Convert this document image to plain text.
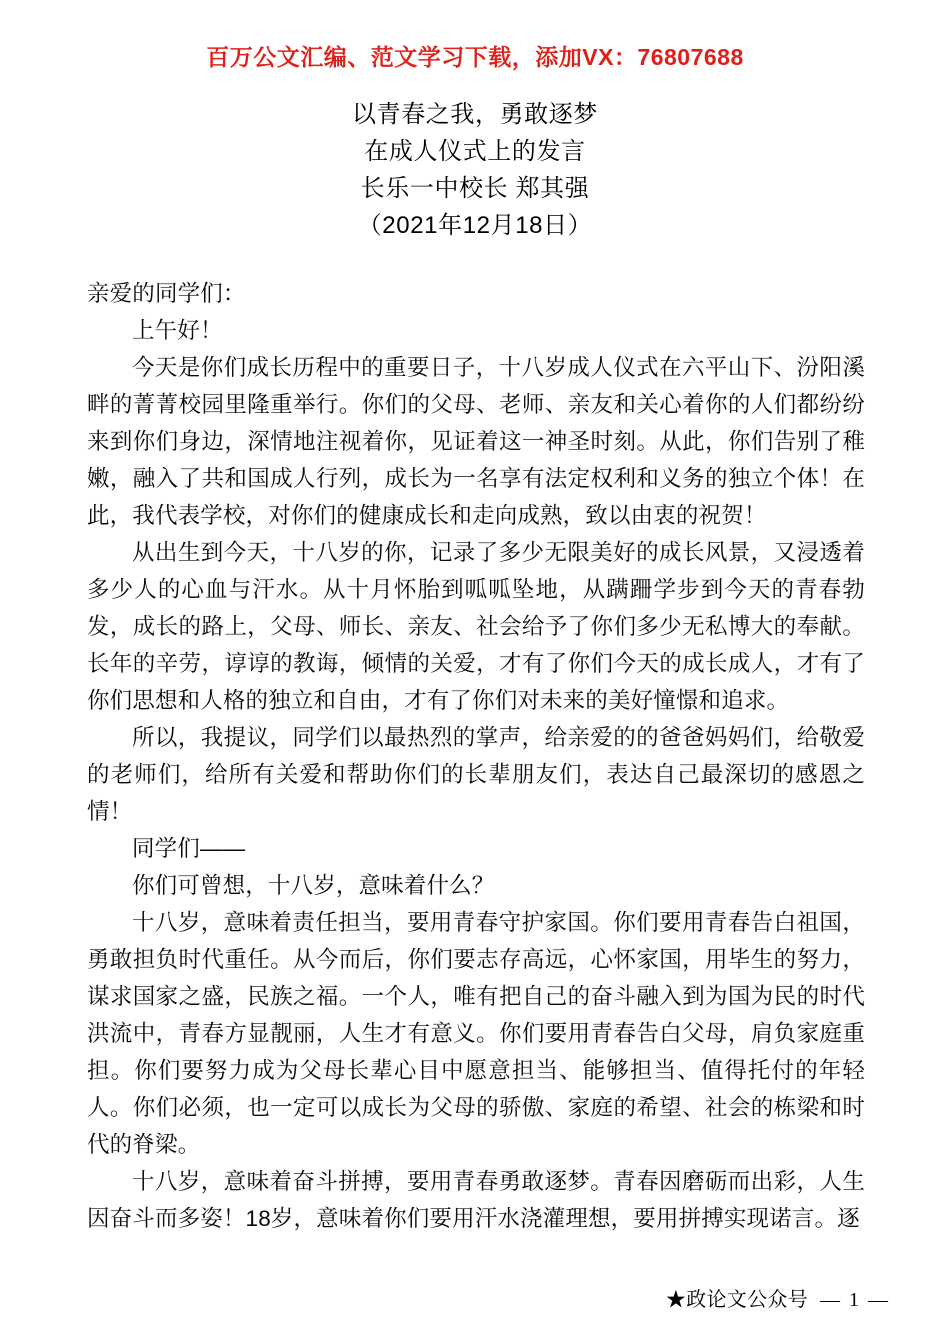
百万公文汇编、范文学习下载，添加VX：76807688
以青春之我，勇敢逐梦
在成人仪式上的发言
长乐一中校长 郑其强
（2021年12月18日）

亲爱的同学们：

上午好！

今天是你们成长历程中的重要日子，十八岁成人仪式在六平山下、汾阳溪畔的菁菁校园里隆重举行。你们的父母、老师、亲友和关心着你的人们都纷纷来到你们身边，深情地注视着你，见证着这一神圣时刻。从此，你们告别了稚嫩，融入了共和国成人行列，成长为一名享有法定权利和义务的独立个体！在此，我代表学校，对你们的健康成长和走向成熟，致以由衷的祝贺！

从出生到今天，十八岁的你，记录了多少无限美好的成长风景，又浸透着多少人的心血与汗水。从十月怀胎到呱呱坠地，从蹒跚学步到今天的青春勃发，成长的路上，父母、师长、亲友、社会给予了你们多少无私博大的奉献。长年的辛劳，谆谆的教诲，倾情的关爱，才有了你们今天的成长成人，才有了你们思想和人格的独立和自由，才有了你们对未来的美好憧憬和追求。

所以，我提议，同学们以最热烈的掌声，给亲爱的的爸爸妈妈们，给敬爱的老师们，给所有关爱和帮助你们的长辈朋友们，表达自己最深切的感恩之情！

同学们——

你们可曾想，十八岁，意味着什么？

十八岁，意味着责任担当，要用青春守护家国。你们要用青春告白祖国，勇敢担负时代重任。从今而后，你们要志存高远，心怀家国，用毕生的努力，谋求国家之盛，民族之福。一个人，唯有把自己的奋斗融入到为国为民的时代洪流中，青春方显靓丽，人生才有意义。你们要用青春告白父母，肩负家庭重担。你们要努力成为父母长辈心目中愿意担当、能够担当、值得托付的年轻人。你们必须，也一定可以成长为父母的骄傲、家庭的希望、社会的栋梁和时代的脊梁。

十八岁，意味着奋斗拼搏，要用青春勇敢逐梦。青春因磨砺而出彩，人生因奋斗而多姿！18岁，意味着你们要用汗水浇灌理想，要用拼搏实现诺言。逐

★政论文公众号 — 1 —
